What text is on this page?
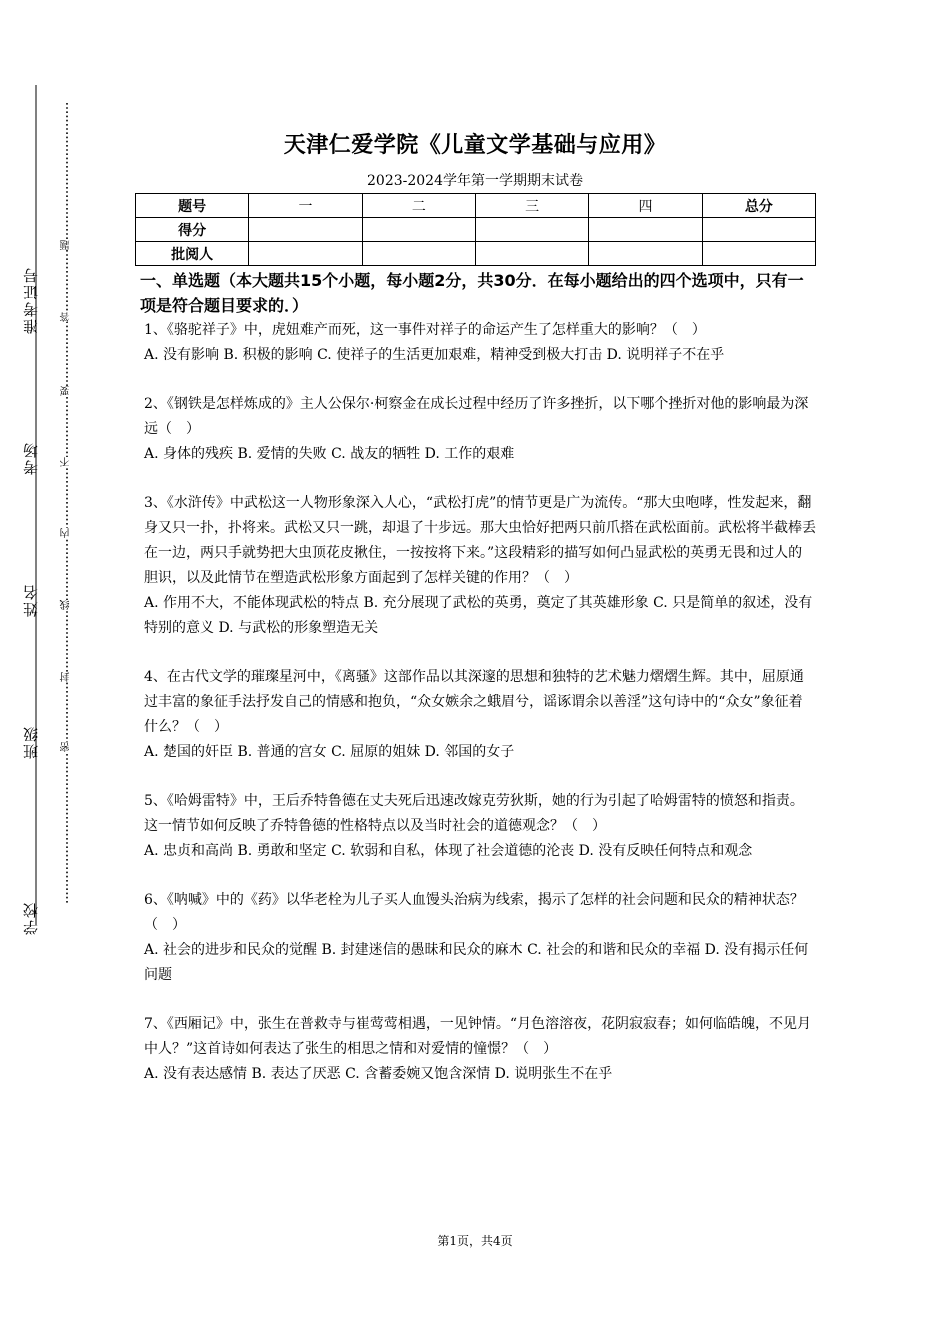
准考证号
考场
姓名
班级
学校
题
答
要
不
内
线
封
密
天津仁爱学院《儿童文学基础与应用》
2023-2024学年第一学期期末试卷
题号	一	二	三	四	总分
得分					
批阅人					
一、单选题（本大题共15个小题，每小题2分，共30分．在每小题给出的四个选项中，只有一项是符合题目要求的．）

1、《骆驼祥子》中，虎妞难产而死，这一事件对祥子的命运产生了怎样重大的影响？（　）

A. 没有影响 B. 积极的影响 C. 使祥子的生活更加艰难，精神受到极大打击 D. 说明祥子不在乎

2、《钢铁是怎样炼成的》主人公保尔·柯察金在成长过程中经历了许多挫折，以下哪个挫折对他的影响最为深远（　）

A. 身体的残疾 B. 爱情的失败 C. 战友的牺牲 D. 工作的艰难

3、《水浒传》中武松这一人物形象深入人心，“武松打虎”的情节更是广为流传。“那大虫咆哮，性发起来，翻身又只一扑，扑将来。武松又只一跳，却退了十步远。那大虫恰好把两只前爪搭在武松面前。武松将半截棒丢在一边，两只手就势把大虫顶花皮揪住，一按按将下来。”这段精彩的描写如何凸显武松的英勇无畏和过人的胆识，以及此情节在塑造武松形象方面起到了怎样关键的作用？（　）

A. 作用不大，不能体现武松的特点 B. 充分展现了武松的英勇，奠定了其英雄形象 C. 只是简单的叙述，没有特别的意义 D. 与武松的形象塑造无关

4、在古代文学的璀璨星河中，《离骚》这部作品以其深邃的思想和独特的艺术魅力熠熠生辉。其中，屈原通过丰富的象征手法抒发自己的情感和抱负，“众女嫉余之蛾眉兮，谣诼谓余以善淫”这句诗中的“众女”象征着什么？（　）

A. 楚国的奸臣 B. 普通的宫女 C. 屈原的姐妹 D. 邻国的女子

5、《哈姆雷特》中，王后乔特鲁德在丈夫死后迅速改嫁克劳狄斯，她的行为引起了哈姆雷特的愤怒和指责。这一情节如何反映了乔特鲁德的性格特点以及当时社会的道德观念？（　）

A. 忠贞和高尚 B. 勇敢和坚定 C. 软弱和自私，体现了社会道德的沦丧 D. 没有反映任何特点和观念

6、《呐喊》中的《药》以华老栓为儿子买人血馒头治病为线索，揭示了怎样的社会问题和民众的精神状态？（　）

A. 社会的进步和民众的觉醒 B. 封建迷信的愚昧和民众的麻木 C. 社会的和谐和民众的幸福 D. 没有揭示任何问题

7、《西厢记》中，张生在普救寺与崔莺莺相遇，一见钟情。“月色溶溶夜，花阴寂寂春；如何临皓魄，不见月中人？”这首诗如何表达了张生的相思之情和对爱情的憧憬？（　）

A. 没有表达感情 B. 表达了厌恶 C. 含蓄委婉又饱含深情 D. 说明张生不在乎

第1页，共4页
